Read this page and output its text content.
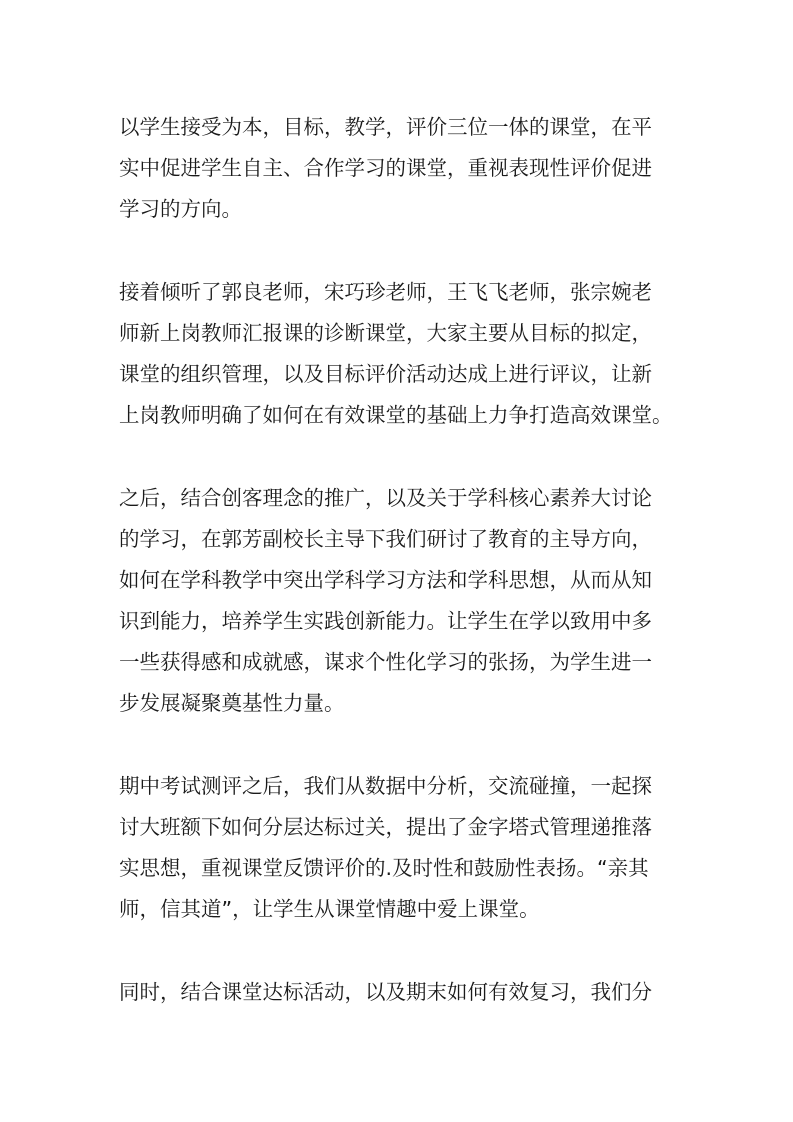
以学生接受为本，目标，教学，评价三位一体的课堂，在平

实中促进学生自主、合作学习的课堂，重视表现性评价促进

学习的方向。

接着倾听了郭良老师，宋巧珍老师，王飞飞老师，张宗婉老

师新上岗教师汇报课的诊断课堂，大家主要从目标的拟定，

课堂的组织管理，以及目标评价活动达成上进行评议，让新

上岗教师明确了如何在有效课堂的基础上力争打造高效课堂。

之后，结合创客理念的推广，以及关于学科核心素养大讨论

的学习，在郭芳副校长主导下我们研讨了教育的主导方向，

如何在学科教学中突出学科学习方法和学科思想，从而从知

识到能力，培养学生实践创新能力。让学生在学以致用中多

一些获得感和成就感，谋求个性化学习的张扬，为学生进一

步发展凝聚奠基性力量。

期中考试测评之后，我们从数据中分析，交流碰撞，一起探

讨大班额下如何分层达标过关，提出了金字塔式管理递推落

实思想，重视课堂反馈评价的.及时性和鼓励性表扬。“亲其

师，信其道”，让学生从课堂情趣中爱上课堂。

同时，结合课堂达标活动，以及期末如何有效复习，我们分
